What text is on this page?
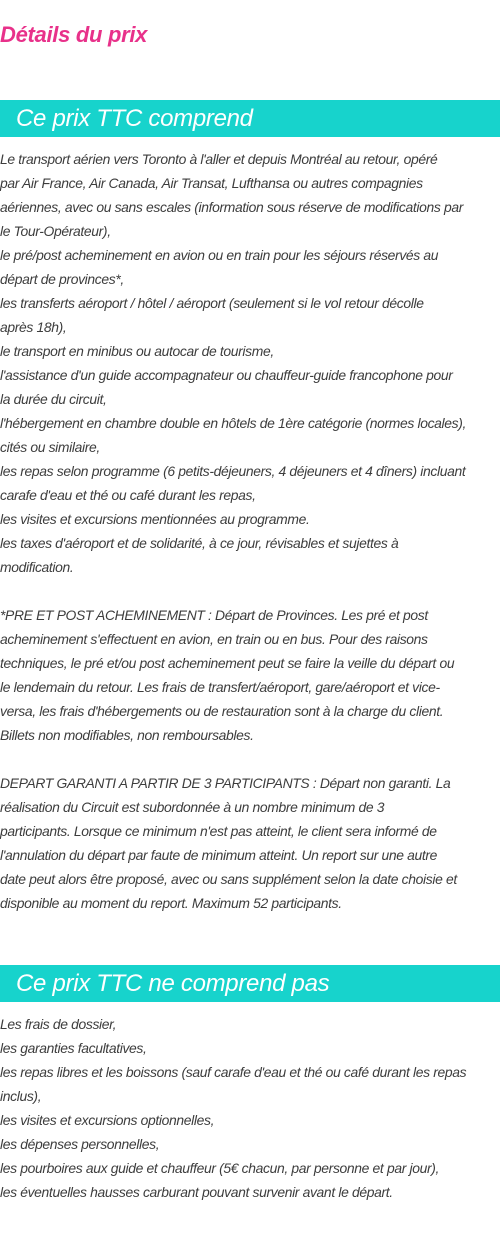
Détails du prix
Ce prix TTC comprend
Le transport aérien vers Toronto à l'aller et depuis Montréal au retour, opéré
par Air France, Air Canada, Air Transat, Lufthansa ou autres compagnies
aériennes, avec ou sans escales (information sous réserve de modifications par
le Tour-Opérateur),
le pré/post acheminement en avion ou en train pour les séjours réservés au
départ de provinces*,
les transferts aéroport / hôtel / aéroport (seulement si le vol retour décolle
après 18h),
le transport en minibus ou autocar de tourisme,
l'assistance d'un guide accompagnateur ou chauffeur-guide francophone pour
la durée du circuit,
l'hébergement en chambre double en hôtels de 1ère catégorie (normes locales),
cités ou similaire,
les repas selon programme (6 petits-déjeuners, 4 déjeuners et 4 dîners) incluant
carafe d'eau et thé ou café durant les repas,
les visites et excursions mentionnées au programme.
les taxes d'aéroport et de solidarité, à ce jour, révisables et sujettes à
modification.
*PRE ET POST ACHEMINEMENT : Départ de Provinces. Les pré et post
acheminement s'effectuent en avion, en train ou en bus. Pour des raisons
techniques, le pré et/ou post acheminement peut se faire la veille du départ ou
le lendemain du retour. Les frais de transfert/aéroport, gare/aéroport et vice-
versa, les frais d'hébergements ou de restauration sont à la charge du client.
Billets non modifiables, non remboursables.
DEPART GARANTI A PARTIR DE 3 PARTICIPANTS : Départ non garanti. La
réalisation du Circuit est subordonnée à un nombre minimum de 3
participants. Lorsque ce minimum n'est pas atteint, le client sera informé de
l'annulation du départ par faute de minimum atteint. Un report sur une autre
date peut alors être proposé, avec ou sans supplément selon la date choisie et
disponible au moment du report. Maximum 52 participants.
Ce prix TTC ne comprend pas
Les frais de dossier,
les garanties facultatives,
les repas libres et les boissons (sauf carafe d'eau et thé ou café durant les repas
inclus),
les visites et excursions optionnelles,
les dépenses personnelles,
les pourboires aux guide et chauffeur (5€ chacun, par personne et par jour),
les éventuelles hausses carburant pouvant survenir avant le départ.
